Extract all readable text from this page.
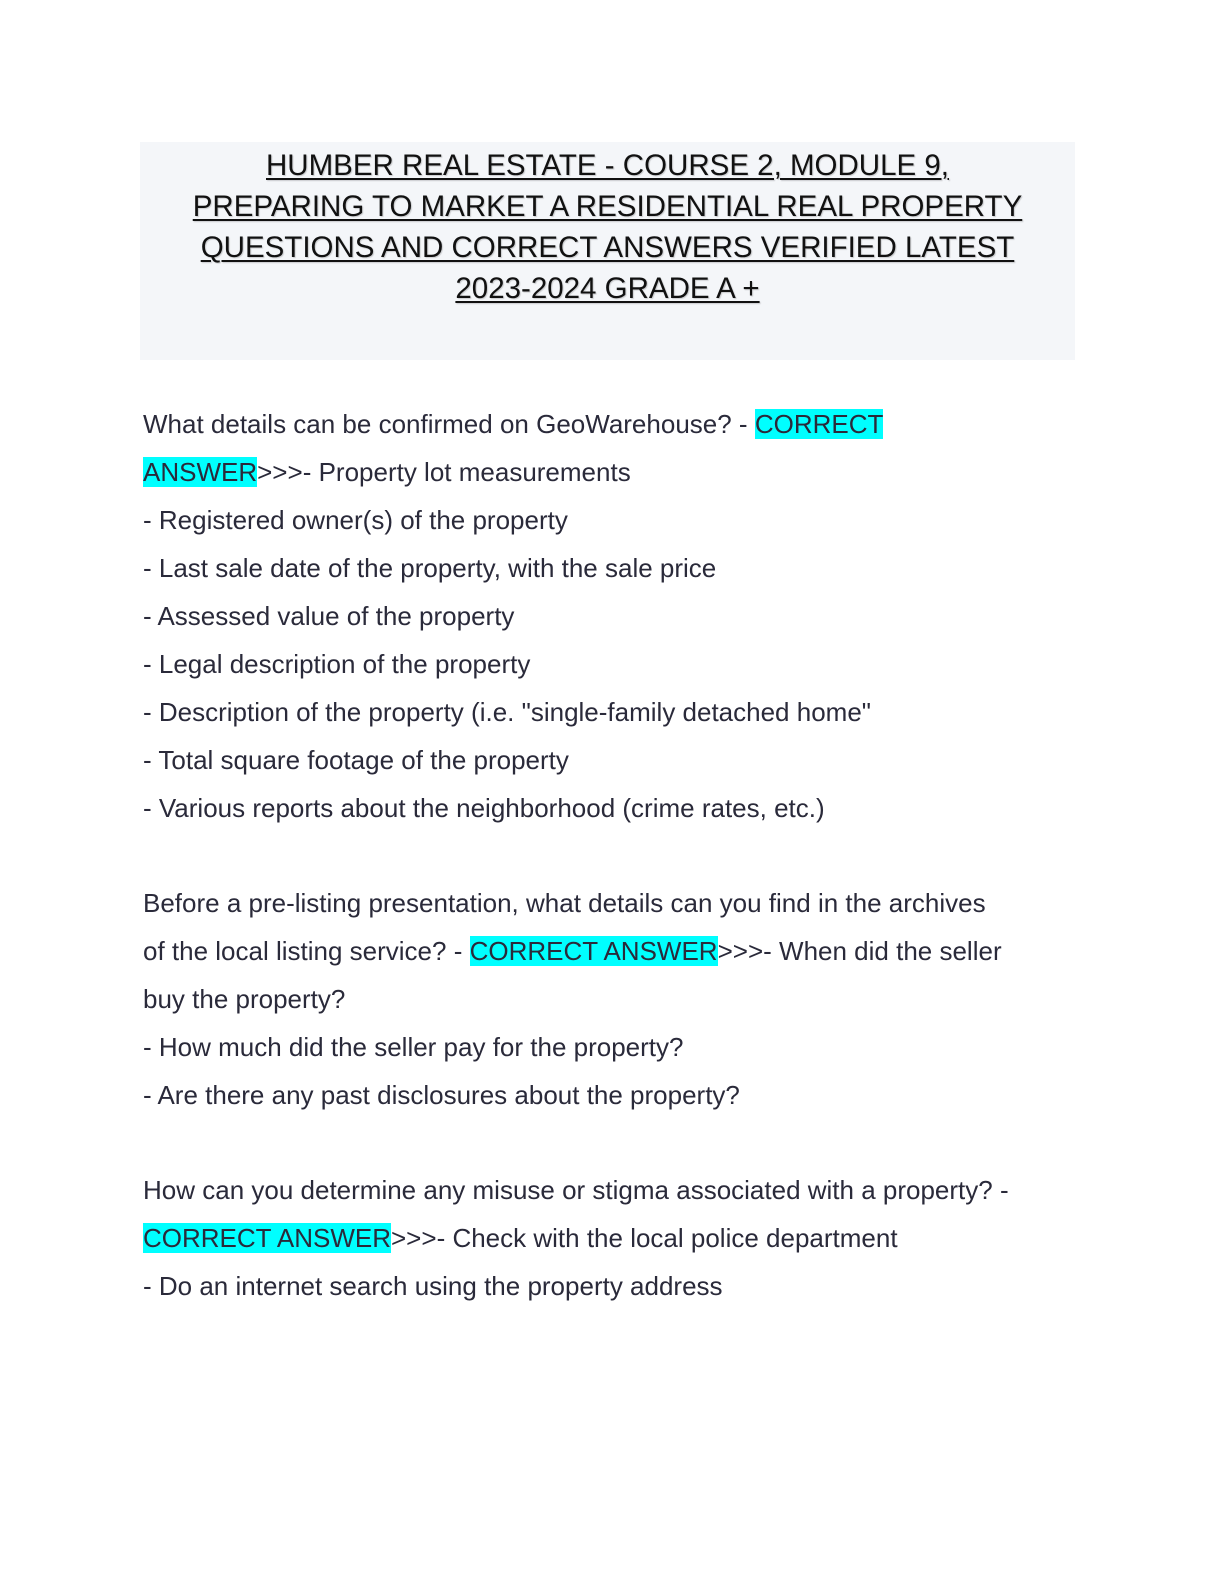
HUMBER REAL ESTATE - COURSE 2, MODULE 9,
PREPARING TO MARKET A RESIDENTIAL REAL PROPERTY
QUESTIONS AND CORRECT ANSWERS VERIFIED LATEST
2023-2024 GRADE A +
What details can be confirmed on GeoWarehouse? - CORRECT
ANSWER>>>- Property lot measurements
- Registered owner(s) of the property
- Last sale date of the property, with the sale price
- Assessed value of the property
- Legal description of the property
- Description of the property (i.e. "single-family detached home"
- Total square footage of the property
- Various reports about the neighborhood (crime rates, etc.)
Before a pre-listing presentation, what details can you find in the archives
of the local listing service? - CORRECT ANSWER>>>- When did the seller
buy the property?
- How much did the seller pay for the property?
- Are there any past disclosures about the property?
How can you determine any misuse or stigma associated with a property? -
CORRECT ANSWER>>>- Check with the local police department
- Do an internet search using the property address
